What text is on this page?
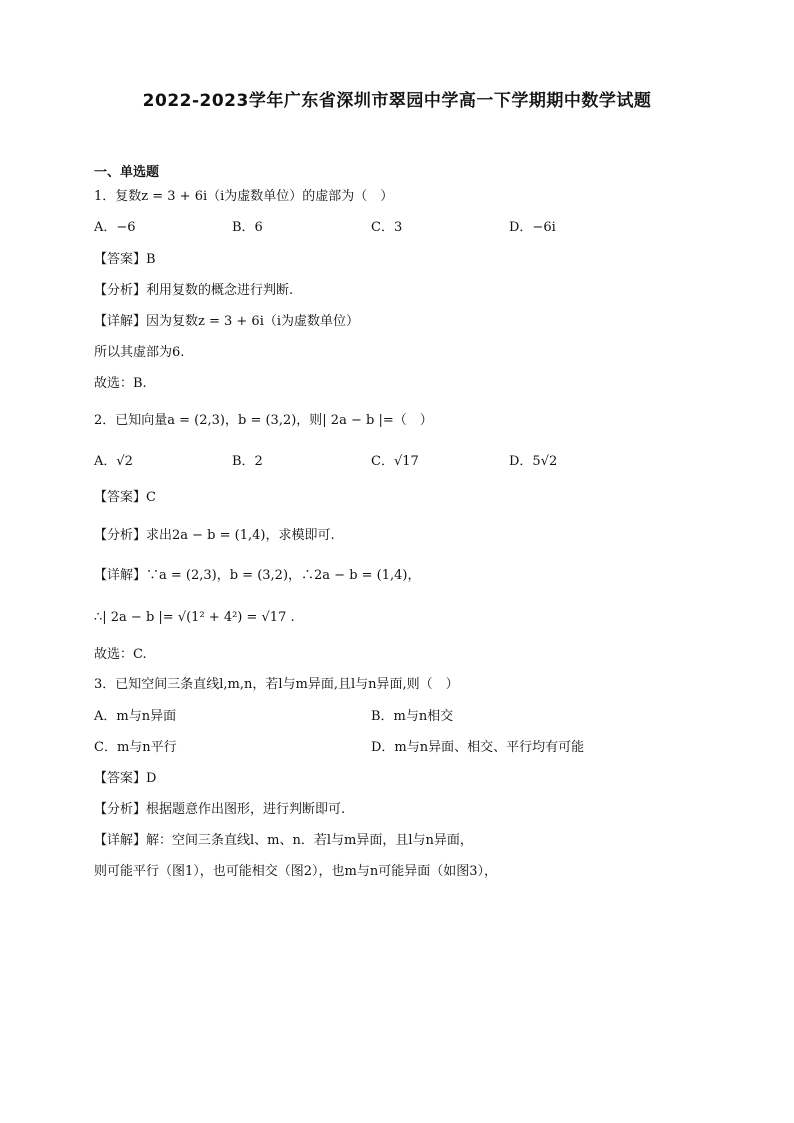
2022-2023学年广东省深圳市翠园中学高一下学期期中数学试题
一、单选题
1．复数z = 3 + 6i（i为虚数单位）的虚部为（　）
A．−6	B．6	C．3	D．−6i
【答案】B
【分析】利用复数的概念进行判断.
【详解】因为复数z = 3 + 6i（i为虚数单位）
所以其虚部为6.
故选：B.
2．已知向量a = (2,3)，b = (3,2)，则| 2a − b |=（　）
A．√2	B．2	C．√17	D．5√2
【答案】C
【分析】求出2a − b = (1,4)，求模即可.
【详解】∵a = (2,3)，b = (3,2)，∴2a − b = (1,4)，
∴| 2a − b |= √(1² + 4²) = √17 .
故选：C.
3．已知空间三条直线l,m,n，若l与m异面,且l与n异面,则（　）
A．m与n异面	B．m与n相交
C．m与n平行	D．m与n异面、相交、平行均有可能
【答案】D
【分析】根据题意作出图形，进行判断即可.
【详解】解：空间三条直线l、m、n．若l与m异面，且l与n异面，
则可能平行（图1），也可能相交（图2），也m与n可能异面（如图3），
